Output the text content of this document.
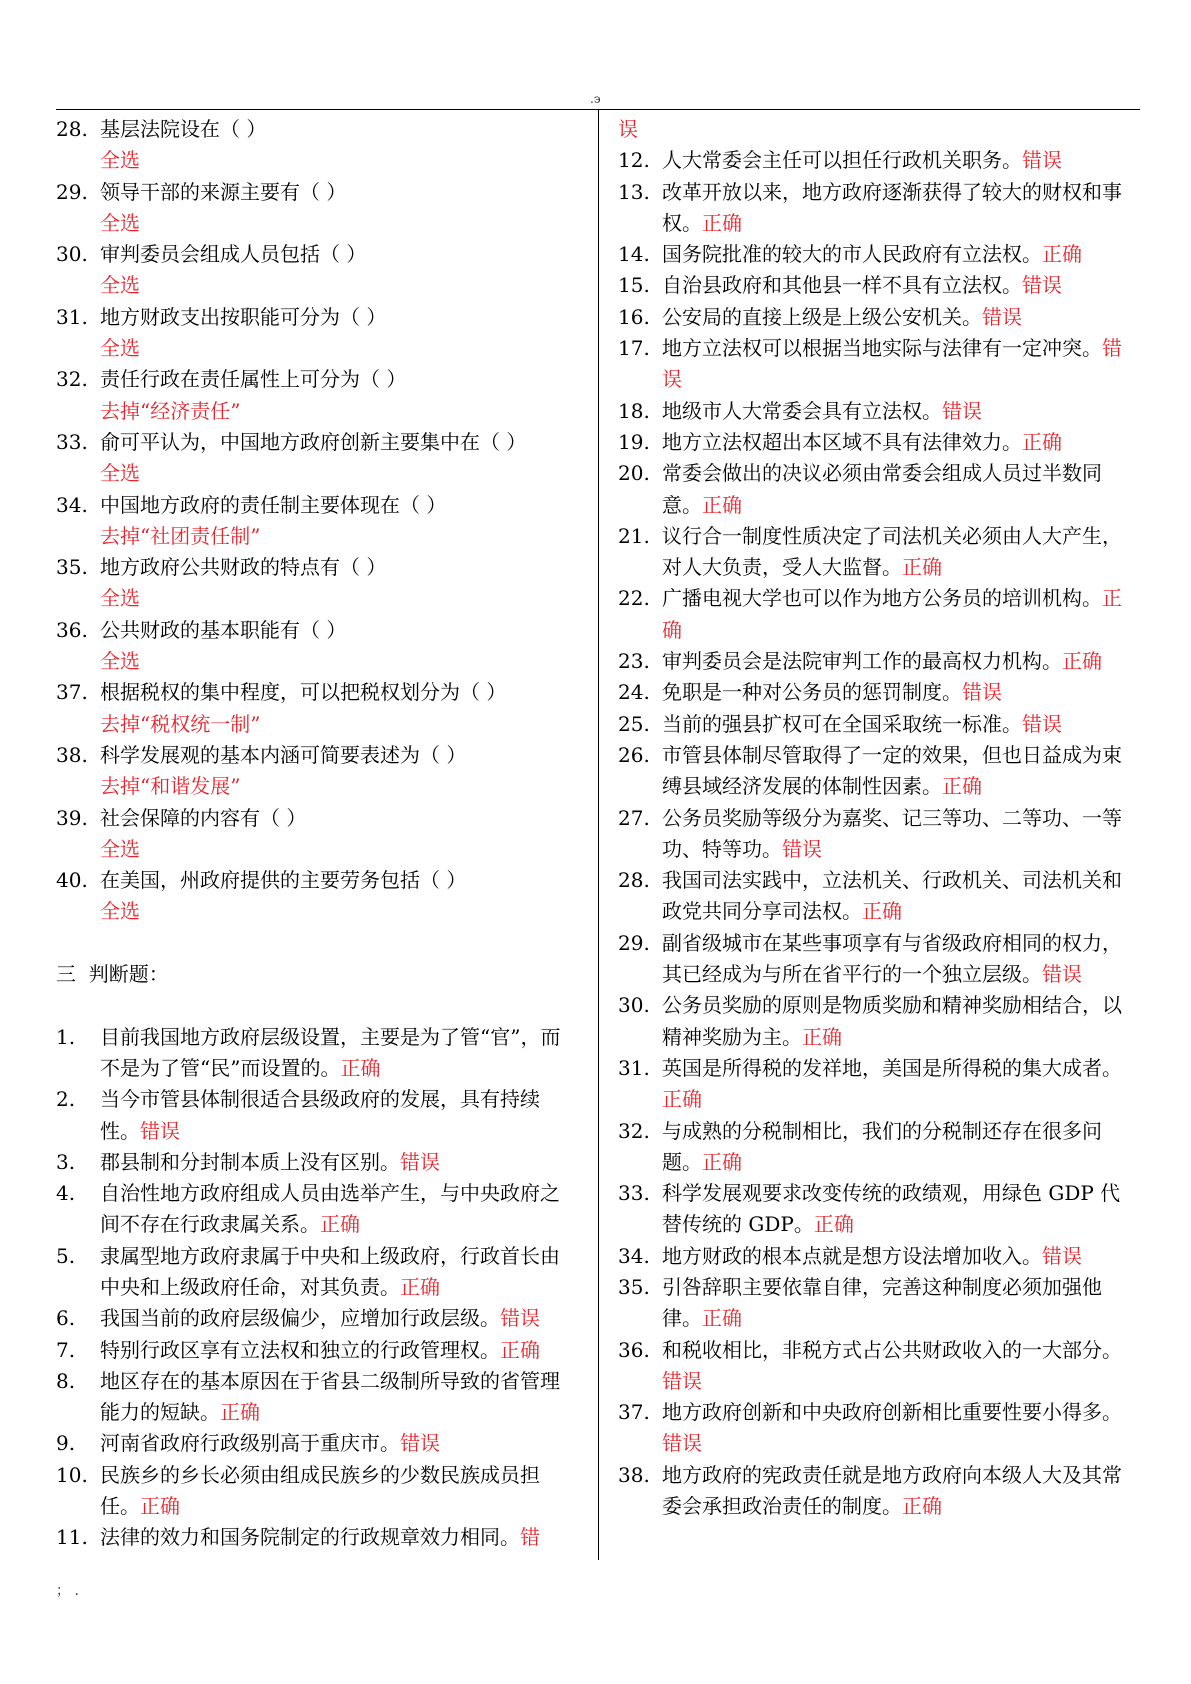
.э
28. 基层法院设在（ ）
全选
29. 领导干部的来源主要有（ ）
全选
30. 审判委员会组成人员包括（ ）
全选
31. 地方财政支出按职能可分为（ ）
全选
32. 责任行政在责任属性上可分为（ ）
去掉“经济责任”
33. 俞可平认为，中国地方政府创新主要集中在（ ）
全选
34. 中国地方政府的责任制主要体现在（ ）
去掉“社团责任制”
35. 地方政府公共财政的特点有（ ）
全选
36. 公共财政的基本职能有（ ）
全选
37. 根据税权的集中程度，可以把税权划分为（ ）
去掉“税权统一制”
38. 科学发展观的基本内涵可简要表述为（ ）
去掉“和谐发展”
39. 社会保障的内容有（ ）
全选
40. 在美国，州政府提供的主要劳务包括（ ）
全选
三  判断题：
1.	目前我国地方政府层级设置，主要是为了管“官”，而不是为了管“民”而设置的。正确
2.	当今市管县体制很适合县级政府的发展，具有持续性。错误
3.	郡县制和分封制本质上没有区别。错误
4.	自治性地方政府组成人员由选举产生，与中央政府之间不存在行政隶属关系。正确
5.	隶属型地方政府隶属于中央和上级政府，行政首长由中央和上级政府任命，对其负责。正确
6.	我国当前的政府层级偏少，应增加行政层级。错误
7.	特别行政区享有立法权和独立的行政管理权。正确
8.	地区存在的基本原因在于省县二级制所导致的省管理能力的短缺。正确
9.	河南省政府行政级别高于重庆市。错误
10. 民族乡的乡长必须由组成民族乡的少数民族成员担任。正确
11. 法律的效力和国务院制定的行政规章效力相同。错
误
12. 人大常委会主任可以担任行政机关职务。错误
13. 改革开放以来，地方政府逐渐获得了较大的财权和事权。正确
14. 国务院批准的较大的市人民政府有立法权。正确
15. 自治县政府和其他县一样不具有立法权。错误
16. 公安局的直接上级是上级公安机关。错误
17. 地方立法权可以根据当地实际与法律有一定冲突。错误
18. 地级市人大常委会具有立法权。错误
19. 地方立法权超出本区域不具有法律效力。正确
20. 常委会做出的决议必须由常委会组成人员过半数同意。正确
21. 议行合一制度性质决定了司法机关必须由人大产生，对人大负责，受人大监督。正确
22. 广播电视大学也可以作为地方公务员的培训机构。正确
23. 审判委员会是法院审判工作的最高权力机构。正确
24. 免职是一种对公务员的惩罚制度。错误
25. 当前的强县扩权可在全国采取统一标准。错误
26. 市管县体制尽管取得了一定的效果，但也日益成为束缚县域经济发展的体制性因素。正确
27. 公务员奖励等级分为嘉奖、记三等功、二等功、一等功、特等功。错误
28. 我国司法实践中，立法机关、行政机关、司法机关和政党共同分享司法权。正确
29. 副省级城市在某些事项享有与省级政府相同的权力，其已经成为与所在省平行的一个独立层级。错误
30. 公务员奖励的原则是物质奖励和精神奖励相结合，以精神奖励为主。正确
31. 英国是所得税的发祥地，美国是所得税的集大成者。正确
32. 与成熟的分税制相比，我们的分税制还存在很多问题。正确
33. 科学发展观要求改变传统的政绩观，用绿色 GDP 代替传统的 GDP。正确
34. 地方财政的根本点就是想方设法增加收入。错误
35. 引咎辞职主要依靠自律，完善这种制度必须加强他律。正确
36. 和税收相比，非税方式占公共财政收入的一大部分。错误
37. 地方政府创新和中央政府创新相比重要性要小得多。错误
38. 地方政府的宪政责任就是地方政府向本级人大及其常委会承担政治责任的制度。正确
； .
